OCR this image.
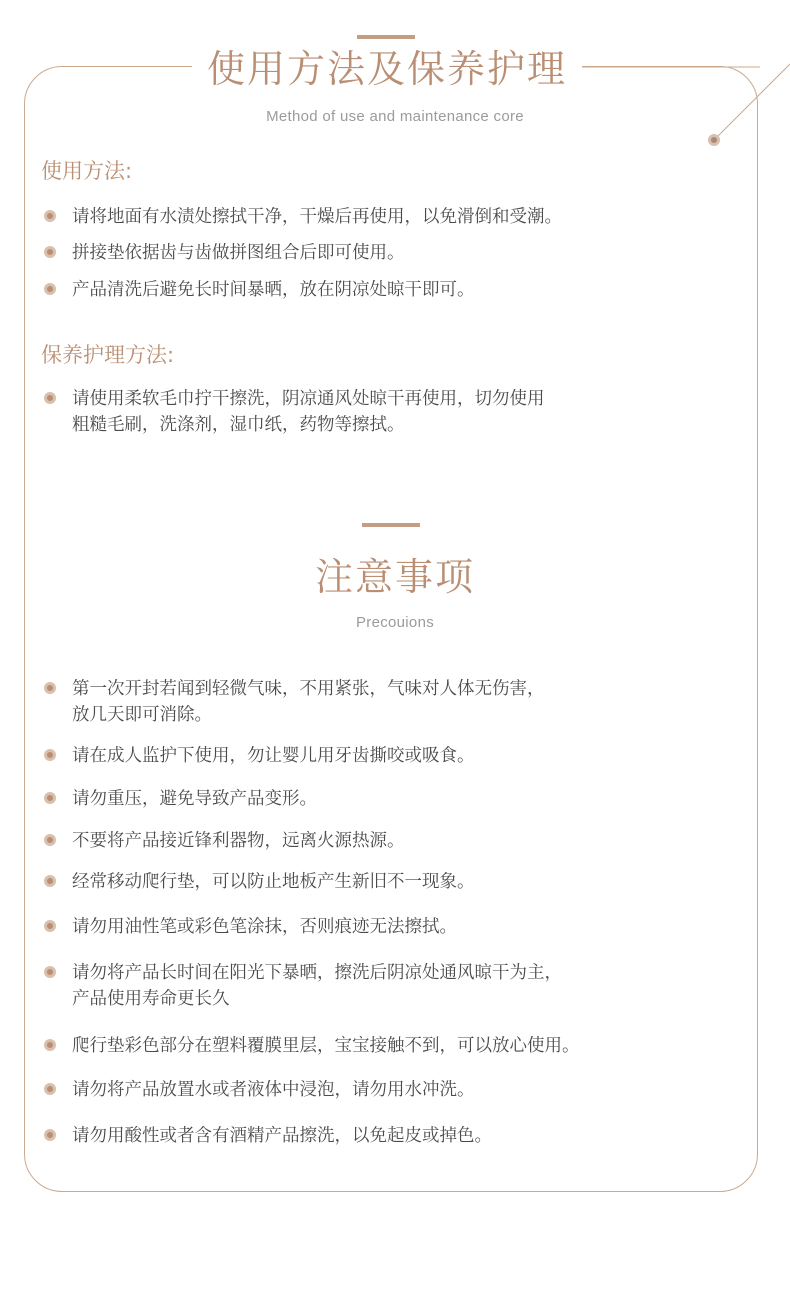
使用方法及保养护理
Method of use and maintenance core
使用方法:
请将地面有水渍处擦拭干净，干燥后再使用，以免滑倒和受潮。
拼接垫依据齿与齿做拼图组合后即可使用。
产品清洗后避免长时间暴晒，放在阴凉处晾干即可。
保养护理方法:
请使用柔软毛巾拧干擦洗，阴凉通风处晾干再使用，切勿使用
粗糙毛刷，洗涤剂，湿巾纸，药物等擦拭。
注意事项
Precouions
第一次开封若闻到轻微气味，不用紧张，气味对人体无伤害，
放几天即可消除。
请在成人监护下使用，勿让婴儿用牙齿撕咬或吸食。
请勿重压，避免导致产品变形。
不要将产品接近锋利器物，远离火源热源。
经常移动爬行垫，可以防止地板产生新旧不一现象。
请勿用油性笔或彩色笔涂抹，否则痕迹无法擦拭。
请勿将产品长时间在阳光下暴晒，擦洗后阴凉处通风晾干为主，
产品使用寿命更长久
爬行垫彩色部分在塑料覆膜里层，宝宝接触不到，可以放心使用。
请勿将产品放置水或者液体中浸泡，请勿用水冲洗。
请勿用酸性或者含有酒精产品擦洗，以免起皮或掉色。
